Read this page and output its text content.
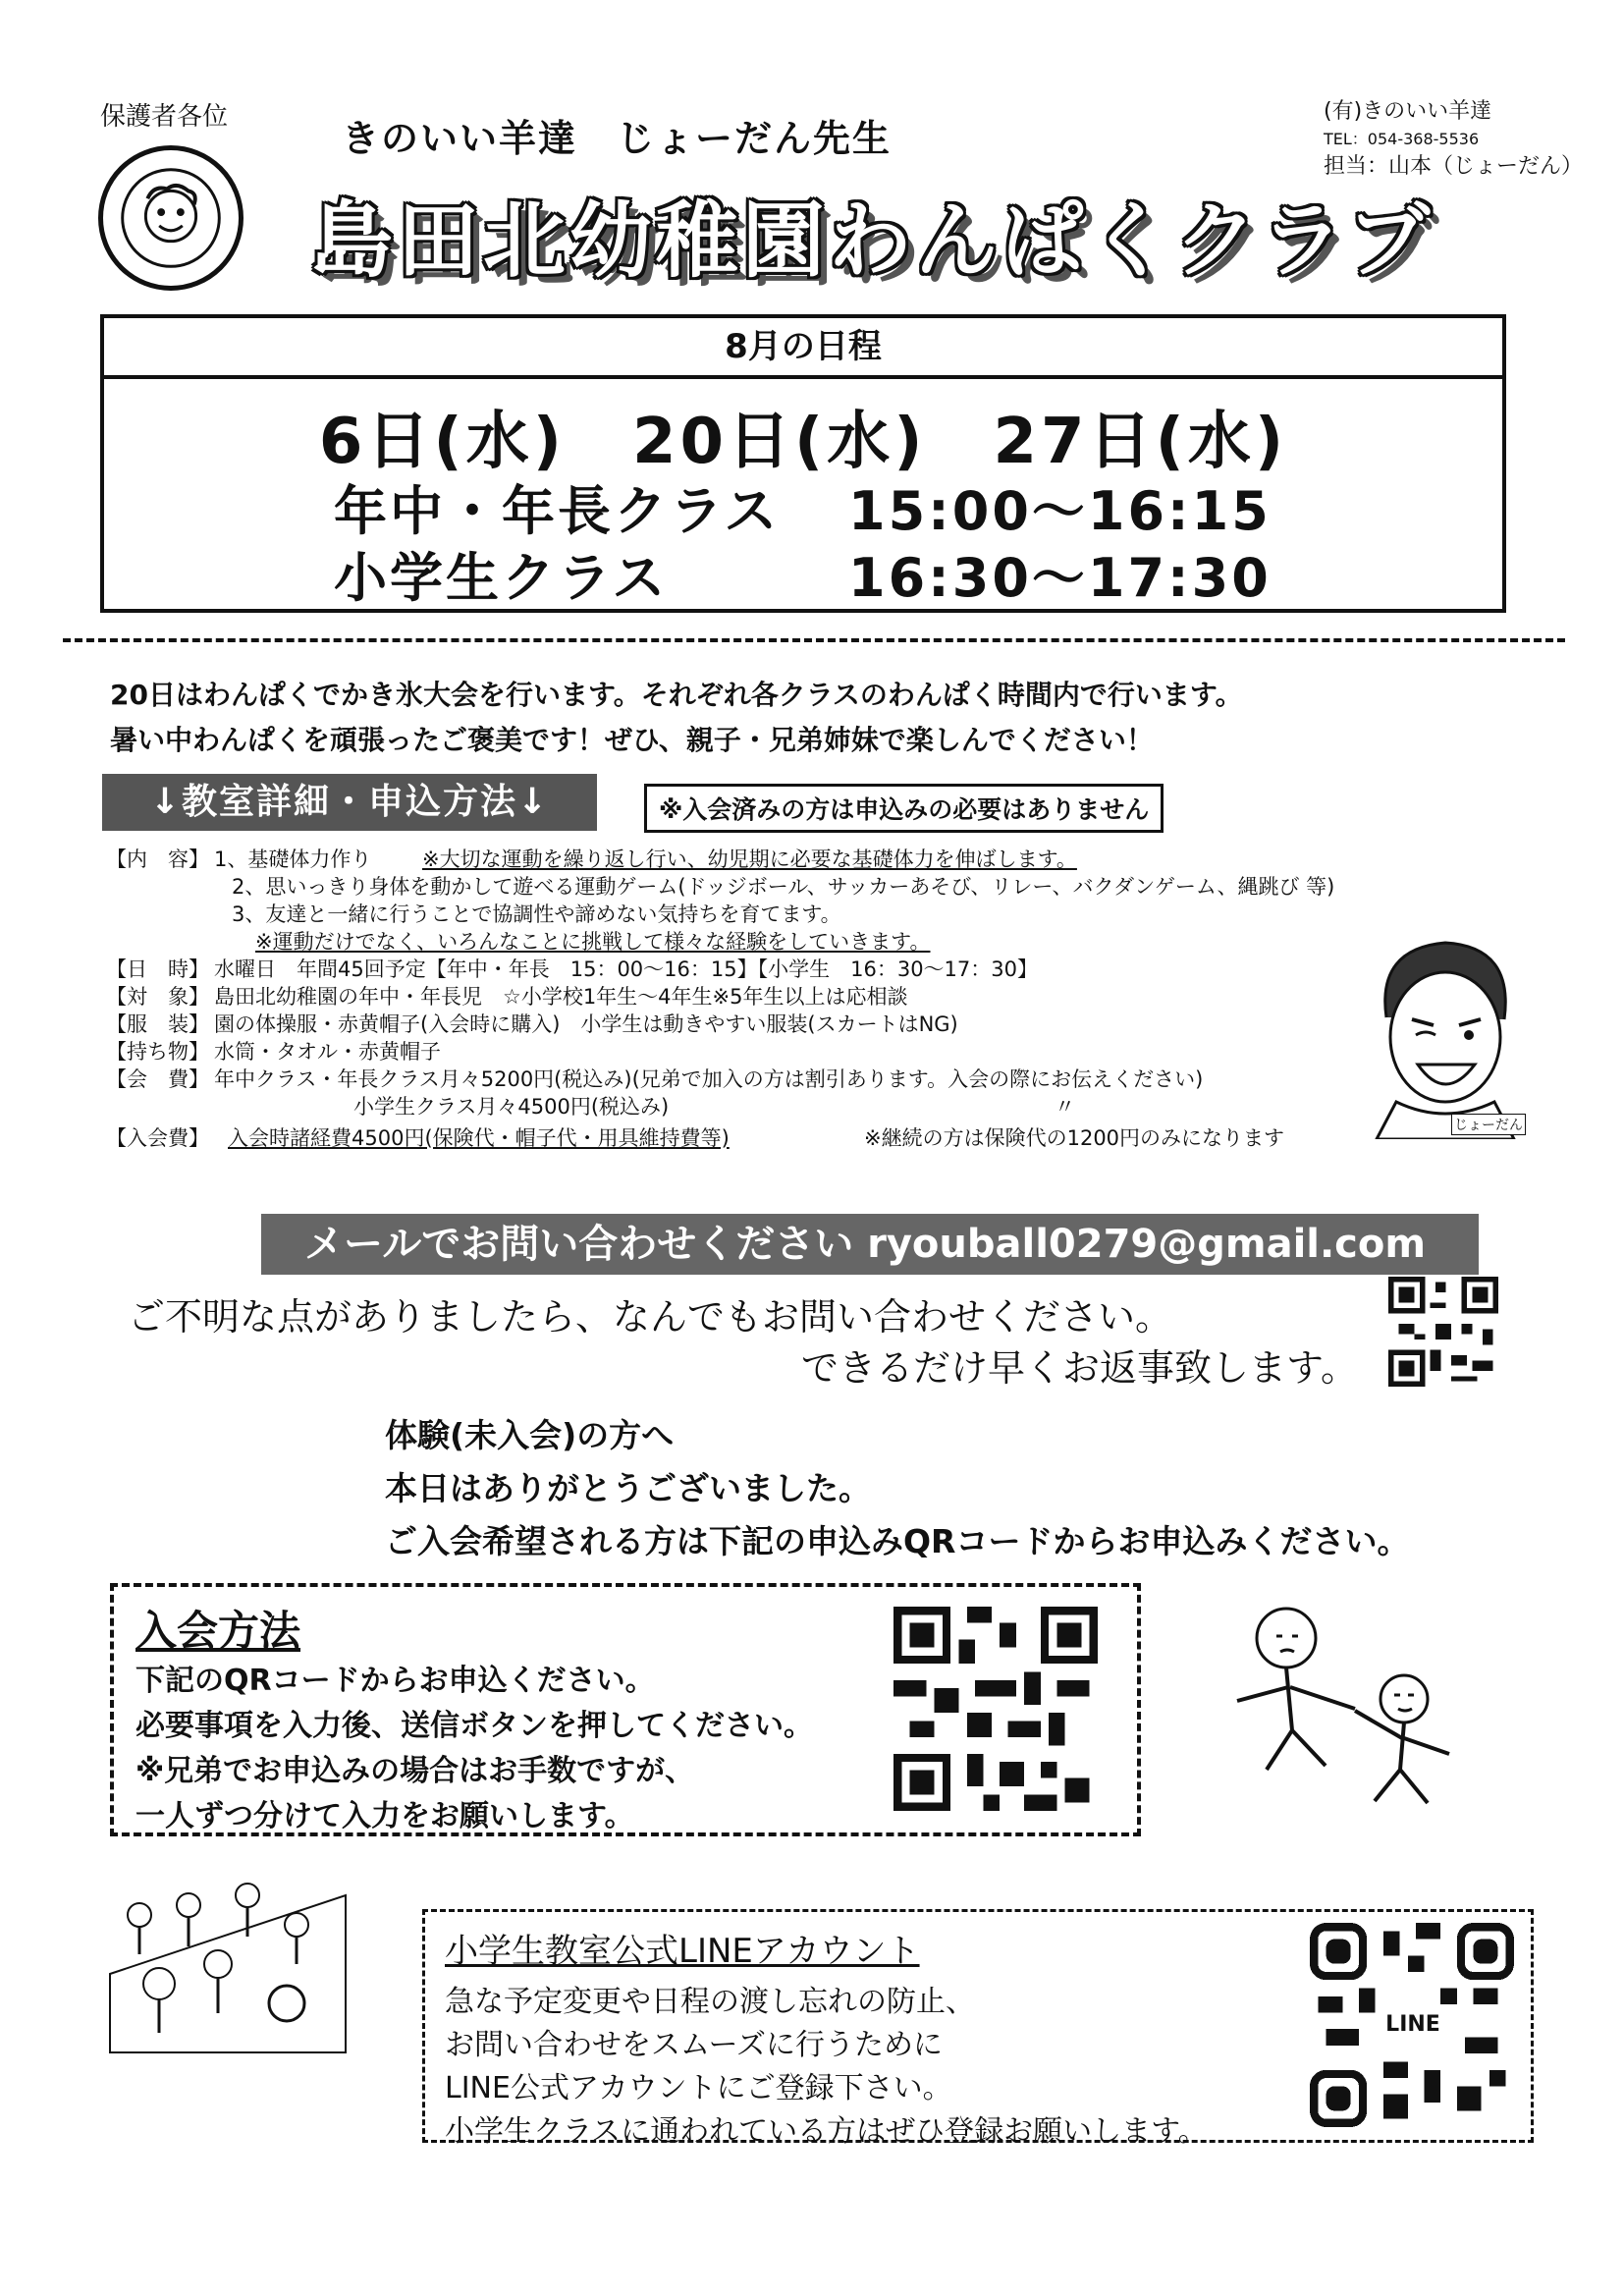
保護者各位	きのいい羊達　じょーだん先生
島田北幼稚園わんぱくクラブ
(有)きのいい羊達
TEL：054-368-5536
担当：山本（じょーだん）
8月の日程
6日(水)　20日(水)　27日(水)
年中・年長クラス 15:00～16:15
小学生クラス	16:30～17:30
20日はわんぱくでかき氷大会を行います。それぞれ各クラスのわんぱく時間内で行います。
暑い中わんぱくを頑張ったご褒美です！ぜひ、親子・兄弟姉妹で楽しんでください！
↓教室詳細・申込方法↓	※入会済みの方は申込みの必要はありません
【内　容】 1、基礎体力作り ※大切な運動を繰り返し行い、幼児期に必要な基礎体力を伸ばします。
2、思いっきり身体を動かして遊べる運動ゲーム(ドッジボール、サッカーあそび、リレー、バクダンゲーム、縄跳び 等)
3、友達と一緒に行うことで協調性や諦めない気持ちを育てます。
※運動だけでなく、いろんなことに挑戦して様々な経験をしていきます。
【日　時】 水曜日　年間45回予定【年中・年長　15：00～16：15】【小学生　16：30～17：30】
【対　象】 島田北幼稚園の年中・年長児　☆小学校1年生～4年生※5年生以上は応相談
【服　装】 園の体操服・赤黄帽子(入会時に購入)　小学生は動きやすい服装(スカートはNG)
【持ち物】 水筒・タオル・赤黄帽子
【会　費】 年中クラス・年長クラス月々5200円(税込み)(兄弟で加入の方は割引あります。入会の際にお伝えください)
小学生クラス月々4500円(税込み)	〃
【入会費】 入会時諸経費4500円(保険代・帽子代・用具維持費等)	※継続の方は保険代の1200円のみになります
じょーだん
メールでお問い合わせください ryouball0279@gmail.com
ご不明な点がありましたら、なんでもお問い合わせください。
できるだけ早くお返事致します。
体験(未入会)の方へ
本日はありがとうございました。
ご入会希望される方は下記の申込みQRコードからお申込みください。
入会方法
下記のQRコードからお申込ください。
必要事項を入力後、送信ボタンを押してください。
※兄弟でお申込みの場合はお手数ですが、
一人ずつ分けて入力をお願いします。
小学生教室公式LINEアカウント
急な予定変更や日程の渡し忘れの防止、
お問い合わせをスムーズに行うために
LINE公式アカウントにご登録下さい。
小学生クラスに通われている方はぜひ登録お願いします。
LINE
